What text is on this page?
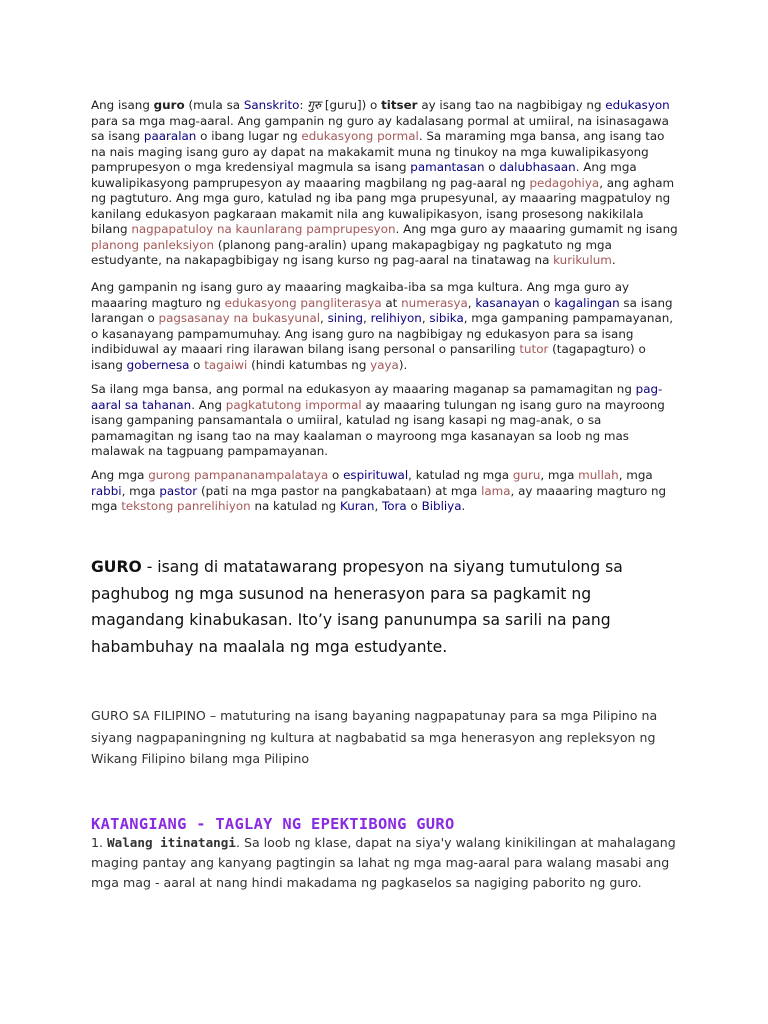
Ang isang guro (mula sa Sanskrito: गुरु [guru]) o titser ay isang tao na nagbibigay ng edukasyon para sa mga mag-aaral. Ang gampanin ng guro ay kadalasang pormal at umiiral, na isinasagawa sa isang paaralan o ibang lugar ng edukasyong pormal. Sa maraming mga bansa, ang isang tao na nais maging isang guro ay dapat na makakamit muna ng tinukoy na mga kuwalipikasyong pamprupesyon o mga kredensiyal magmula sa isang pamantasan o dalubhasaan. Ang mga kuwalipikasyong pamprupesyon ay maaaring magbilang ng pag-aaral ng pedagohiya, ang agham ng pagtuturo. Ang mga guro, katulad ng iba pang mga prupesyunal, ay maaaring magpatuloy ng kanilang edukasyon pagkaraan makamit nila ang kuwalipikasyon, isang prosesong nakikilala bilang nagpapatuloy na kaunlarang pamprupesyon. Ang mga guro ay maaaring gumamit ng isang planong panleksiyon (planong pang-aralin) upang makapagbigay ng pagkatuto ng mga estudyante, na nakapagbibigay ng isang kurso ng pag-aaral na tinatawag na kurikulum.

Ang gampanin ng isang guro ay maaaring magkaiba-iba sa mga kultura. Ang mga guro ay maaaring magturo ng edukasyong pangliterasya at numerasya, kasanayan o kagalingan sa isang larangan o pagsasanay na bukasyunal, sining, relihiyon, sibika, mga gampaning pampamayanan, o kasanayang pampamumuhay. Ang isang guro na nagbibigay ng edukasyon para sa isang indibiduwal ay maaari ring ilarawan bilang isang personal o pansariling tutor (tagapagturo) o isang gobernesa o tagaiwi (hindi katumbas ng yaya).

Sa ilang mga bansa, ang pormal na edukasyon ay maaaring maganap sa pamamagitan ng pag-aaral sa tahanan. Ang pagkatutong impormal ay maaaring tulungan ng isang guro na mayroong isang gampaning pansamantala o umiiral, katulad ng isang kasapi ng mag-anak, o sa pamamagitan ng isang tao na may kaalaman o mayroong mga kasanayan sa loob ng mas malawak na tagpuang pampamayanan.

Ang mga gurong pampananampalataya o espirituwal, katulad ng mga guru, mga mullah, mga rabbi, mga pastor (pati na mga pastor na pangkabataan) at mga lama, ay maaaring magturo ng mga tekstong panrelihiyon na katulad ng Kuran, Tora o Bibliya.

GURO - isang di matatawarang propesyon na siyang tumutulong sa paghubog ng mga susunod na henerasyon para sa pagkamit ng magandang kinabukasan. Ito’y isang panunumpa sa sarili na pang habambuhay na maalala ng mga estudyante.

GURO SA FILIPINO – matuturing na isang bayaning nagpapatunay para sa mga Pilipino na siyang nagpapaningning ng kultura at nagbabatid sa mga henerasyon ang repleksyon ng Wikang Filipino bilang mga Pilipino

KATANGIANG - TAGLAY NG EPEKTIBONG GURO

1. Walang itinatangi. Sa loob ng klase, dapat na siya'y walang kinikilingan at mahalagang maging pantay ang kanyang pagtingin sa lahat ng mga mag-aaral para walang masabi ang mga mag - aaral at nang hindi makadama ng pagkaselos sa nagiging paborito ng guro.
